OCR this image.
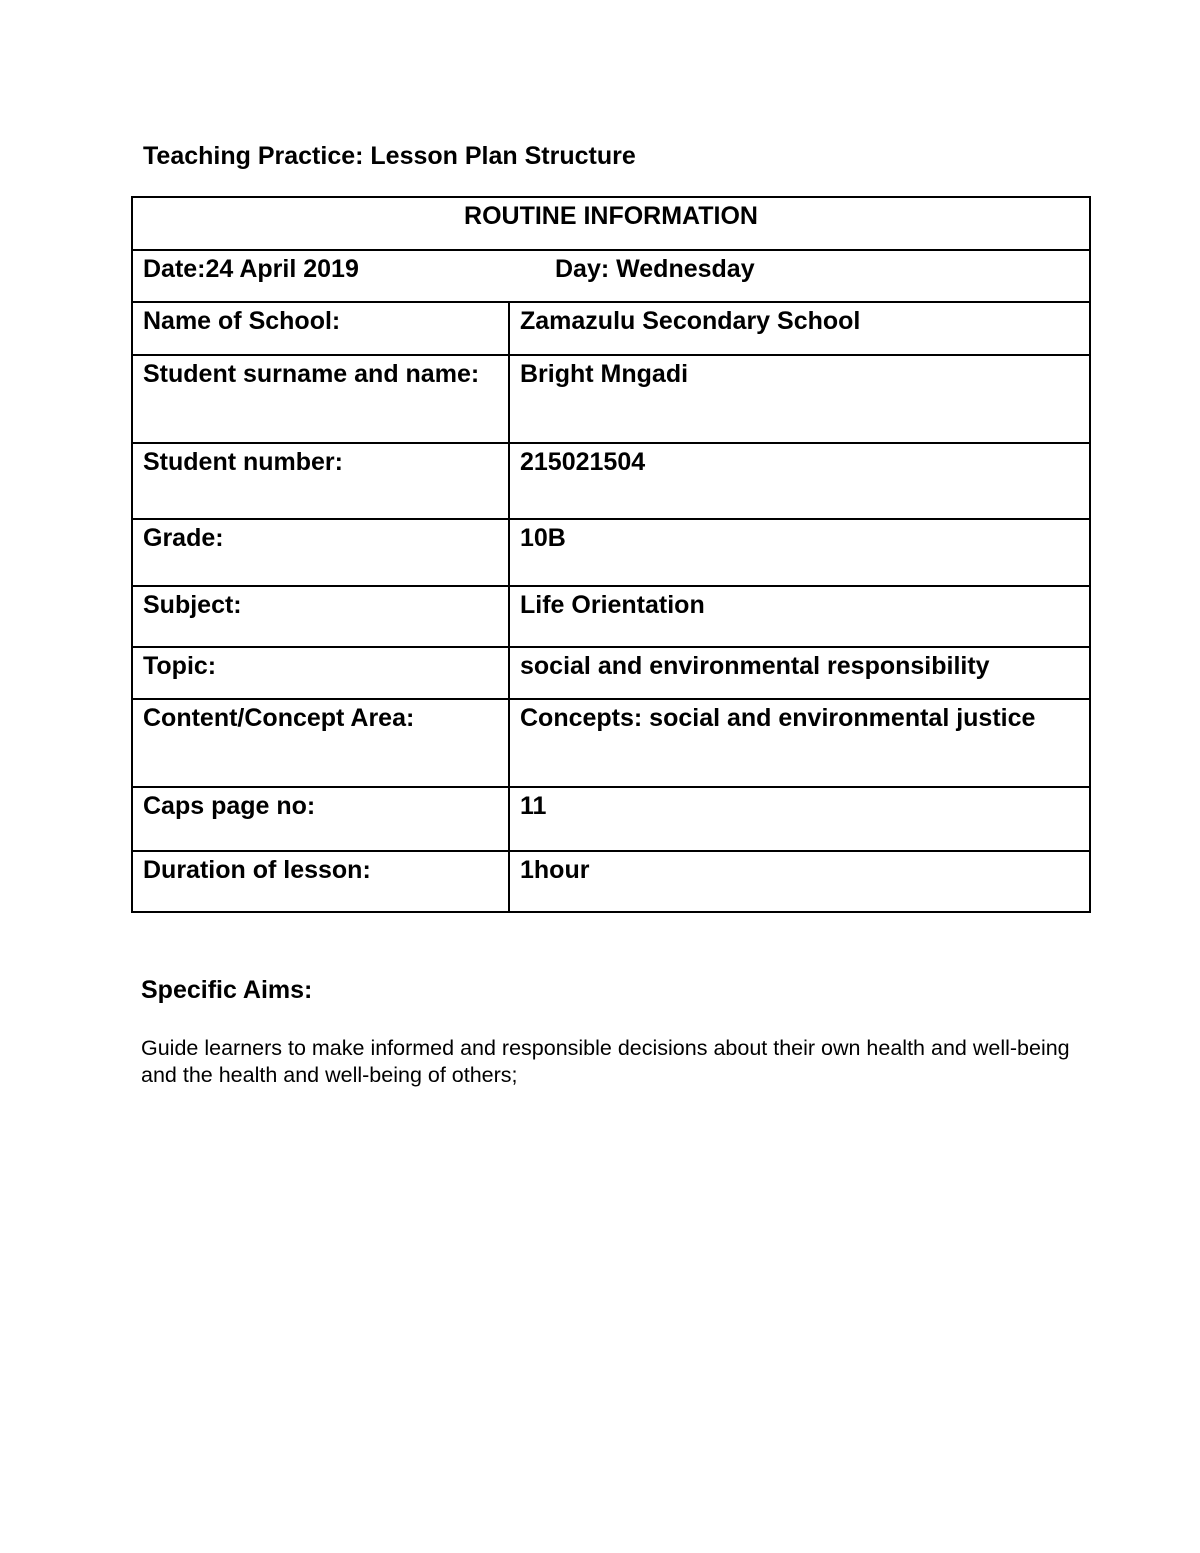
Teaching Practice: Lesson Plan Structure
ROUTINE INFORMATION	
Date:24 April 2019 Day: Wednesday	
Name of School:	Zamazulu Secondary School
Student surname and name:	Bright Mngadi
Student number:	215021504
Grade:	10B
Subject:	Life Orientation
Topic:	social and environmental responsibility
Content/Concept Area:	Concepts: social and environmental justice
Caps page no:	11
Duration of lesson:	1hour
Specific Aims:
Guide learners to make informed and responsible decisions about their own health and well-being and the health and well-being of others;
